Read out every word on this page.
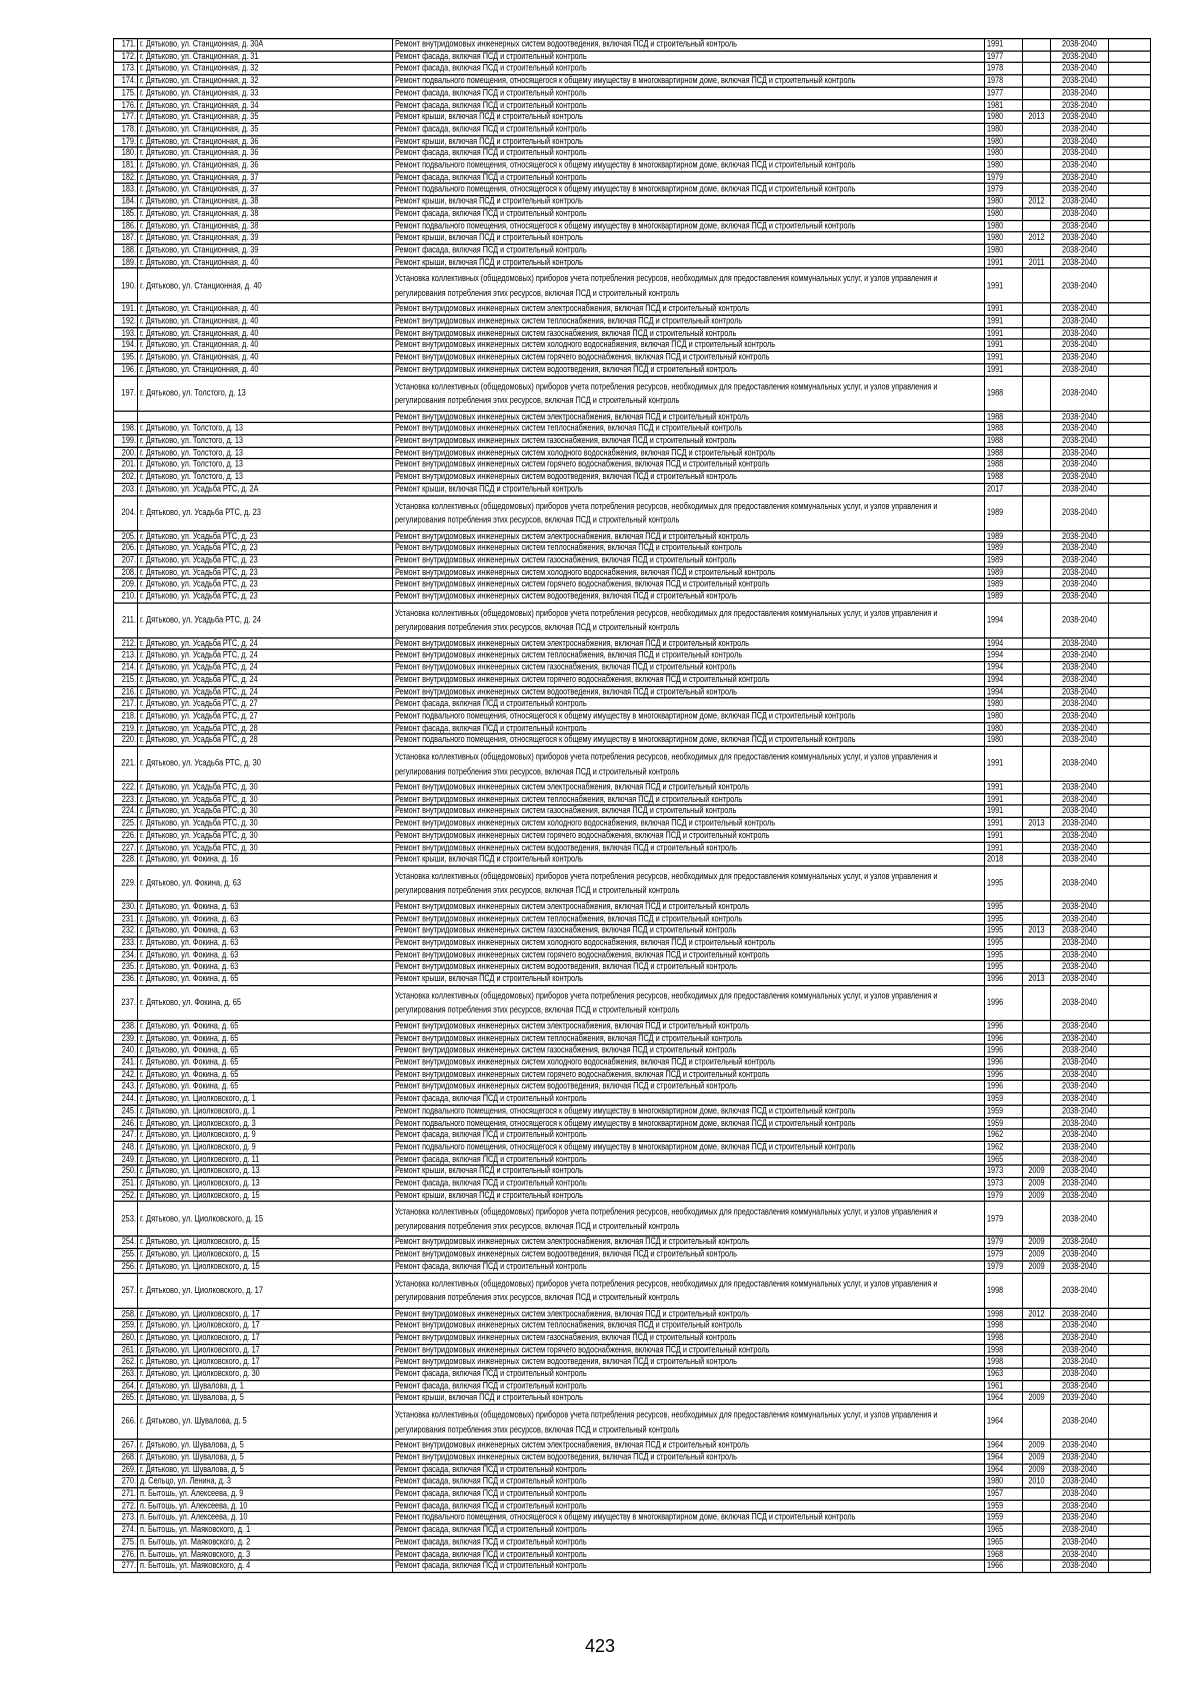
171.	г. Дятьково, ул. Станционная, д. 30А	Ремонт внутридомовых инженерных систем водоотведения, включая ПСД и строительный контроль	1991		2038-2040	
172.	г. Дятьково, ул. Станционная, д. 31	Ремонт фасада, включая ПСД и строительный контроль	1977		2038-2040	
173.	г. Дятьково, ул. Станционная, д. 32	Ремонт фасада, включая ПСД и строительный контроль	1978		2038-2040	
174.	г. Дятьково, ул. Станционная, д. 32	Ремонт подвального помещения, относящегося к общему имуществу в многоквартирном доме, включая ПСД и строительный контроль	1978		2038-2040	
175.	г. Дятьково, ул. Станционная, д. 33	Ремонт фасада, включая ПСД и строительный контроль	1977		2038-2040	
176.	г. Дятьково, ул. Станционная, д. 34	Ремонт фасада, включая ПСД и строительный контроль	1981		2038-2040	
177.	г. Дятьково, ул. Станционная, д. 35	Ремонт крыши, включая ПСД и строительный контроль	1980	2013	2038-2040	
178.	г. Дятьково, ул. Станционная, д. 35	Ремонт фасада, включая ПСД и строительный контроль	1980		2038-2040	
179.	г. Дятьково, ул. Станционная, д. 36	Ремонт крыши, включая ПСД и строительный контроль	1980		2038-2040	
180.	г. Дятьково, ул. Станционная, д. 36	Ремонт фасада, включая ПСД и строительный контроль	1980		2038-2040	
181.	г. Дятьково, ул. Станционная, д. 36	Ремонт подвального помещения, относящегося к общему имуществу в многоквартирном доме, включая ПСД и строительный контроль	1980		2038-2040	
182.	г. Дятьково, ул. Станционная, д. 37	Ремонт фасада, включая ПСД и строительный контроль	1979		2038-2040	
183.	г. Дятьково, ул. Станционная, д. 37	Ремонт подвального помещения, относящегося к общему имуществу в многоквартирном доме, включая ПСД и строительный контроль	1979		2038-2040	
184.	г. Дятьково, ул. Станционная, д. 38	Ремонт крыши, включая ПСД и строительный контроль	1980	2012	2038-2040	
185.	г. Дятьково, ул. Станционная, д. 38	Ремонт фасада, включая ПСД и строительный контроль	1980		2038-2040	
186.	г. Дятьково, ул. Станционная, д. 38	Ремонт подвального помещения, относящегося к общему имуществу в многоквартирном доме, включая ПСД и строительный контроль	1980		2038-2040	
187.	г. Дятьково, ул. Станционная, д. 39	Ремонт крыши, включая ПСД и строительный контроль	1980	2012	2038-2040	
188.	г. Дятьково, ул. Станционная, д. 39	Ремонт фасада, включая ПСД и строительный контроль	1980		2038-2040	
189.	г. Дятьково, ул. Станционная, д. 40	Ремонт крыши, включая ПСД и строительный контроль	1991	2011	2038-2040	
190.	г. Дятьково, ул. Станционная, д. 40	Установка коллективных (общедомовых) приборов учета потребления ресурсов, необходимых для предоставления коммунальных услуг, и узлов управления и регулирования потребления этих ресурсов, включая ПСД и строительный контроль	1991		2038-2040	
191.	г. Дятьково, ул. Станционная, д. 40	Ремонт внутридомовых инженерных систем электроснабжения, включая ПСД и строительный контроль	1991		2038-2040	
192.	г. Дятьково, ул. Станционная, д. 40	Ремонт внутридомовых инженерных систем теплоснабжения, включая ПСД и строительный контроль	1991		2038-2040	
193.	г. Дятьково, ул. Станционная, д. 40	Ремонт внутридомовых инженерных систем газоснабжения, включая ПСД и строительный контроль	1991		2038-2040	
194.	г. Дятьково, ул. Станционная, д. 40	Ремонт внутридомовых инженерных систем холодного водоснабжения, включая ПСД и строительный контроль	1991		2038-2040	
195.	г. Дятьково, ул. Станционная, д. 40	Ремонт внутридомовых инженерных систем горячего водоснабжения, включая ПСД и строительный контроль	1991		2038-2040	
196.	г. Дятьково, ул. Станционная, д. 40	Ремонт внутридомовых инженерных систем водоотведения, включая ПСД и строительный контроль	1991		2038-2040	
197.	г. Дятьково, ул. Толстого, д. 13	Установка коллективных (общедомовых) приборов учета потребления ресурсов, необходимых для предоставления коммунальных услуг, и узлов управления и регулирования потребления этих ресурсов, включая ПСД и строительный контроль	1988		2038-2040	
		Ремонт внутридомовых инженерных систем электроснабжения, включая ПСД и строительный контроль	1988		2038-2040	
198.	г. Дятьково, ул. Толстого, д. 13	Ремонт внутридомовых инженерных систем теплоснабжения, включая ПСД и строительный контроль	1988		2038-2040	
199.	г. Дятьково, ул. Толстого, д. 13	Ремонт внутридомовых инженерных систем газоснабжения, включая ПСД и строительный контроль	1988		2038-2040	
200.	г. Дятьково, ул. Толстого, д. 13	Ремонт внутридомовых инженерных систем холодного водоснабжения, включая ПСД и строительный контроль	1988		2038-2040	
201.	г. Дятьково, ул. Толстого, д. 13	Ремонт внутридомовых инженерных систем горячего водоснабжения, включая ПСД и строительный контроль	1988		2038-2040	
202.	г. Дятьково, ул. Толстого, д. 13	Ремонт внутридомовых инженерных систем водоотведения, включая ПСД и строительный контроль	1988		2038-2040	
203.	г. Дятьково, ул. Усадьба РТС, д. 2А	Ремонт крыши, включая ПСД и строительный контроль	2017		2038-2040	
204.	г. Дятьково, ул. Усадьба РТС, д. 23	Установка коллективных (общедомовых) приборов учета потребления ресурсов, необходимых для предоставления коммунальных услуг, и узлов управления и регулирования потребления этих ресурсов, включая ПСД и строительный контроль	1989		2038-2040	
205.	г. Дятьково, ул. Усадьба РТС, д. 23	Ремонт внутридомовых инженерных систем электроснабжения, включая ПСД и строительный контроль	1989		2038-2040	
206.	г. Дятьково, ул. Усадьба РТС, д. 23	Ремонт внутридомовых инженерных систем теплоснабжения, включая ПСД и строительный контроль	1989		2038-2040	
207.	г. Дятьково, ул. Усадьба РТС, д. 23	Ремонт внутридомовых инженерных систем газоснабжения, включая ПСД и строительный контроль	1989		2038-2040	
208.	г. Дятьково, ул. Усадьба РТС, д. 23	Ремонт внутридомовых инженерных систем холодного водоснабжения, включая ПСД и строительный контроль	1989		2038-2040	
209.	г. Дятьково, ул. Усадьба РТС, д. 23	Ремонт внутридомовых инженерных систем горячего водоснабжения, включая ПСД и строительный контроль	1989		2038-2040	
210.	г. Дятьково, ул. Усадьба РТС, д. 23	Ремонт внутридомовых инженерных систем водоотведения, включая ПСД и строительный контроль	1989		2038-2040	
211.	г. Дятьково, ул. Усадьба РТС, д. 24	Установка коллективных (общедомовых) приборов учета потребления ресурсов, необходимых для предоставления коммунальных услуг, и узлов управления и регулирования потребления этих ресурсов, включая ПСД и строительный контроль	1994		2038-2040	
212.	г. Дятьково, ул. Усадьба РТС, д. 24	Ремонт внутридомовых инженерных систем электроснабжения, включая ПСД и строительный контроль	1994		2038-2040	
213.	г. Дятьково, ул. Усадьба РТС, д. 24	Ремонт внутридомовых инженерных систем теплоснабжения, включая ПСД и строительный контроль	1994		2038-2040	
214.	г. Дятьково, ул. Усадьба РТС, д. 24	Ремонт внутридомовых инженерных систем газоснабжения, включая ПСД и строительный контроль	1994		2038-2040	
215.	г. Дятьково, ул. Усадьба РТС, д. 24	Ремонт внутридомовых инженерных систем горячего водоснабжения, включая ПСД и строительный контроль	1994		2038-2040	
216.	г. Дятьково, ул. Усадьба РТС, д. 24	Ремонт внутридомовых инженерных систем водоотведения, включая ПСД и строительный контроль	1994		2038-2040	
217.	г. Дятьково, ул. Усадьба РТС, д. 27	Ремонт фасада, включая ПСД и строительный контроль	1980		2038-2040	
218.	г. Дятьково, ул. Усадьба РТС, д. 27	Ремонт подвального помещения, относящегося к общему имуществу в многоквартирном доме, включая ПСД и строительный контроль	1980		2038-2040	
219.	г. Дятьково, ул. Усадьба РТС, д. 28	Ремонт фасада, включая ПСД и строительный контроль	1980		2038-2040	
220.	г. Дятьково, ул. Усадьба РТС, д. 28	Ремонт подвального помещения, относящегося к общему имуществу в многоквартирном доме, включая ПСД и строительный контроль	1980		2038-2040	
221.	г. Дятьково, ул. Усадьба РТС, д. 30	Установка коллективных (общедомовых) приборов учета потребления ресурсов, необходимых для предоставления коммунальных услуг, и узлов управления и регулирования потребления этих ресурсов, включая ПСД и строительный контроль	1991		2038-2040	
222.	г. Дятьково, ул. Усадьба РТС, д. 30	Ремонт внутридомовых инженерных систем электроснабжения, включая ПСД и строительный контроль	1991		2038-2040	
223.	г. Дятьково, ул. Усадьба РТС, д. 30	Ремонт внутридомовых инженерных систем теплоснабжения, включая ПСД и строительный контроль	1991		2038-2040	
224.	г. Дятьково, ул. Усадьба РТС, д. 30	Ремонт внутридомовых инженерных систем газоснабжения, включая ПСД и строительный контроль	1991		2038-2040	
225.	г. Дятьково, ул. Усадьба РТС, д. 30	Ремонт внутридомовых инженерных систем холодного водоснабжения, включая ПСД и строительный контроль	1991	2013	2038-2040	
226.	г. Дятьково, ул. Усадьба РТС, д. 30	Ремонт внутридомовых инженерных систем горячего водоснабжения, включая ПСД и строительный контроль	1991		2038-2040	
227.	г. Дятьково, ул. Усадьба РТС, д. 30	Ремонт внутридомовых инженерных систем водоотведения, включая ПСД и строительный контроль	1991		2038-2040	
228.	г. Дятьково, ул. Фокина, д. 16	Ремонт крыши, включая ПСД и строительный контроль	2018		2038-2040	
229.	г. Дятьково, ул. Фокина, д. 63	Установка коллективных (общедомовых) приборов учета потребления ресурсов, необходимых для предоставления коммунальных услуг, и узлов управления и регулирования потребления этих ресурсов, включая ПСД и строительный контроль	1995		2038-2040	
230.	г. Дятьково, ул. Фокина, д. 63	Ремонт внутридомовых инженерных систем электроснабжения, включая ПСД и строительный контроль	1995		2038-2040	
231.	г. Дятьково, ул. Фокина, д. 63	Ремонт внутридомовых инженерных систем теплоснабжения, включая ПСД и строительный контроль	1995		2038-2040	
232.	г. Дятьково, ул. Фокина, д. 63	Ремонт внутридомовых инженерных систем газоснабжения, включая ПСД и строительный контроль	1995	2013	2038-2040	
233.	г. Дятьково, ул. Фокина, д. 63	Ремонт внутридомовых инженерных систем холодного водоснабжения, включая ПСД и строительный контроль	1995		2038-2040	
234.	г. Дятьково, ул. Фокина, д. 63	Ремонт внутридомовых инженерных систем горячего водоснабжения, включая ПСД и строительный контроль	1995		2038-2040	
235.	г. Дятьково, ул. Фокина, д. 63	Ремонт внутридомовых инженерных систем водоотведения, включая ПСД и строительный контроль	1995		2038-2040	
236.	г. Дятьково, ул. Фокина, д. 65	Ремонт крыши, включая ПСД и строительный контроль	1996	2013	2038-2040	
237.	г. Дятьково, ул. Фокина, д. 65	Установка коллективных (общедомовых) приборов учета потребления ресурсов, необходимых для предоставления коммунальных услуг, и узлов управления и регулирования потребления этих ресурсов, включая ПСД и строительный контроль	1996		2038-2040	
238.	г. Дятьково, ул. Фокина, д. 65	Ремонт внутридомовых инженерных систем электроснабжения, включая ПСД и строительный контроль	1996		2038-2040	
239.	г. Дятьково, ул. Фокина, д. 65	Ремонт внутридомовых инженерных систем теплоснабжения, включая ПСД и строительный контроль	1996		2038-2040	
240.	г. Дятьково, ул. Фокина, д. 65	Ремонт внутридомовых инженерных систем газоснабжения, включая ПСД и строительный контроль	1996		2038-2040	
241.	г. Дятьково, ул. Фокина, д. 65	Ремонт внутридомовых инженерных систем холодного водоснабжения, включая ПСД и строительный контроль	1996		2038-2040	
242.	г. Дятьково, ул. Фокина, д. 65	Ремонт внутридомовых инженерных систем горячего водоснабжения, включая ПСД и строительный контроль	1996		2038-2040	
243.	г. Дятьково, ул. Фокина, д. 65	Ремонт внутридомовых инженерных систем водоотведения, включая ПСД и строительный контроль	1996		2038-2040	
244.	г. Дятьково, ул. Циолковского, д. 1	Ремонт фасада, включая ПСД и строительный контроль	1959		2038-2040	
245.	г. Дятьково, ул. Циолковского, д. 1	Ремонт подвального помещения, относящегося к общему имуществу в многоквартирном доме, включая ПСД и строительный контроль	1959		2038-2040	
246.	г. Дятьково, ул. Циолковского, д. 3	Ремонт подвального помещения, относящегося к общему имуществу в многоквартирном доме, включая ПСД и строительный контроль	1959		2038-2040	
247.	г. Дятьково, ул. Циолковского, д. 9	Ремонт фасада, включая ПСД и строительный контроль	1962		2038-2040	
248.	г. Дятьково, ул. Циолковского, д. 9	Ремонт подвального помещения, относящегося к общему имуществу в многоквартирном доме, включая ПСД и строительный контроль	1962		2038-2040	
249.	г. Дятьково, ул. Циолковского, д. 11	Ремонт фасада, включая ПСД и строительный контроль	1965		2038-2040	
250.	г. Дятьково, ул. Циолковского, д. 13	Ремонт крыши, включая ПСД и строительный контроль	1973	2009	2038-2040	
251.	г. Дятьково, ул. Циолковского, д. 13	Ремонт фасада, включая ПСД и строительный контроль	1973	2009	2038-2040	
252.	г. Дятьково, ул. Циолковского, д. 15	Ремонт крыши, включая ПСД и строительный контроль	1979	2009	2038-2040	
253.	г. Дятьково, ул. Циолковского, д. 15	Установка коллективных (общедомовых) приборов учета потребления ресурсов, необходимых для предоставления коммунальных услуг, и узлов управления и регулирования потребления этих ресурсов, включая ПСД и строительный контроль	1979		2038-2040	
254.	г. Дятьково, ул. Циолковского, д. 15	Ремонт внутридомовых инженерных систем электроснабжения, включая ПСД и строительный контроль	1979	2009	2038-2040	
255.	г. Дятьково, ул. Циолковского, д. 15	Ремонт внутридомовых инженерных систем водоотведения, включая ПСД и строительный контроль	1979	2009	2038-2040	
256.	г. Дятьково, ул. Циолковского, д. 15	Ремонт фасада, включая ПСД и строительный контроль	1979	2009	2038-2040	
257.	г. Дятьково, ул. Циолковского, д. 17	Установка коллективных (общедомовых) приборов учета потребления ресурсов, необходимых для предоставления коммунальных услуг, и узлов управления и регулирования потребления этих ресурсов, включая ПСД и строительный контроль	1998		2038-2040	
258.	г. Дятьково, ул. Циолковского, д. 17	Ремонт внутридомовых инженерных систем электроснабжения, включая ПСД и строительный контроль	1998	2012	2038-2040	
259.	г. Дятьково, ул. Циолковского, д. 17	Ремонт внутридомовых инженерных систем теплоснабжения, включая ПСД и строительный контроль	1998		2038-2040	
260.	г. Дятьково, ул. Циолковского, д. 17	Ремонт внутридомовых инженерных систем газоснабжения, включая ПСД и строительный контроль	1998		2038-2040	
261.	г. Дятьково, ул. Циолковского, д. 17	Ремонт внутридомовых инженерных систем горячего водоснабжения, включая ПСД и строительный контроль	1998		2038-2040	
262.	г. Дятьково, ул. Циолковского, д. 17	Ремонт внутридомовых инженерных систем водоотведения, включая ПСД и строительный контроль	1998		2038-2040	
263.	г. Дятьково, ул. Циолковского, д. 30	Ремонт фасада, включая ПСД и строительный контроль	1963		2038-2040	
264.	г. Дятьково, ул. Шувалова, д. 1	Ремонт фасада, включая ПСД и строительный контроль	1961		2038-2040	
265.	г. Дятьково, ул. Шувалова, д. 5	Ремонт крыши, включая ПСД и строительный контроль	1964	2009	2039-2040	
266.	г. Дятьково, ул. Шувалова, д. 5	Установка коллективных (общедомовых) приборов учета потребления ресурсов, необходимых для предоставления коммунальных услуг, и узлов управления и регулирования потребления этих ресурсов, включая ПСД и строительный контроль	1964		2038-2040	
267.	г. Дятьково, ул. Шувалова, д. 5	Ремонт внутридомовых инженерных систем электроснабжения, включая ПСД и строительный контроль	1964	2009	2038-2040	
268.	г. Дятьково, ул. Шувалова, д. 5	Ремонт внутридомовых инженерных систем водоотведения, включая ПСД и строительный контроль	1964	2009	2038-2040	
269.	г. Дятьково, ул. Шувалова, д. 5	Ремонт фасада, включая ПСД и строительный контроль	1964	2009	2038-2040	
270.	д. Сельцо, ул. Ленина, д. 3	Ремонт фасада, включая ПСД и строительный контроль	1980	2010	2038-2040	
271.	п. Бытошь, ул. Алексеева, д. 9	Ремонт фасада, включая ПСД и строительный контроль	1957		2038-2040	
272.	п. Бытошь, ул. Алексеева, д. 10	Ремонт фасада, включая ПСД и строительный контроль	1959		2038-2040	
273.	п. Бытошь, ул. Алексеева, д. 10	Ремонт подвального помещения, относящегося к общему имуществу в многоквартирном доме, включая ПСД и строительный контроль	1959		2038-2040	
274.	п. Бытошь, ул. Маяковского, д. 1	Ремонт фасада, включая ПСД и строительный контроль	1965		2038-2040	
275.	п. Бытошь, ул. Маяковского, д. 2	Ремонт фасада, включая ПСД и строительный контроль	1965		2038-2040	
276.	п. Бытошь, ул. Маяковского, д. 3	Ремонт фасада, включая ПСД и строительный контроль	1968		2038-2040	
277.	п. Бытошь, ул. Маяковского, д. 4	Ремонт фасада, включая ПСД и строительный контроль	1966		2038-2040	
423
